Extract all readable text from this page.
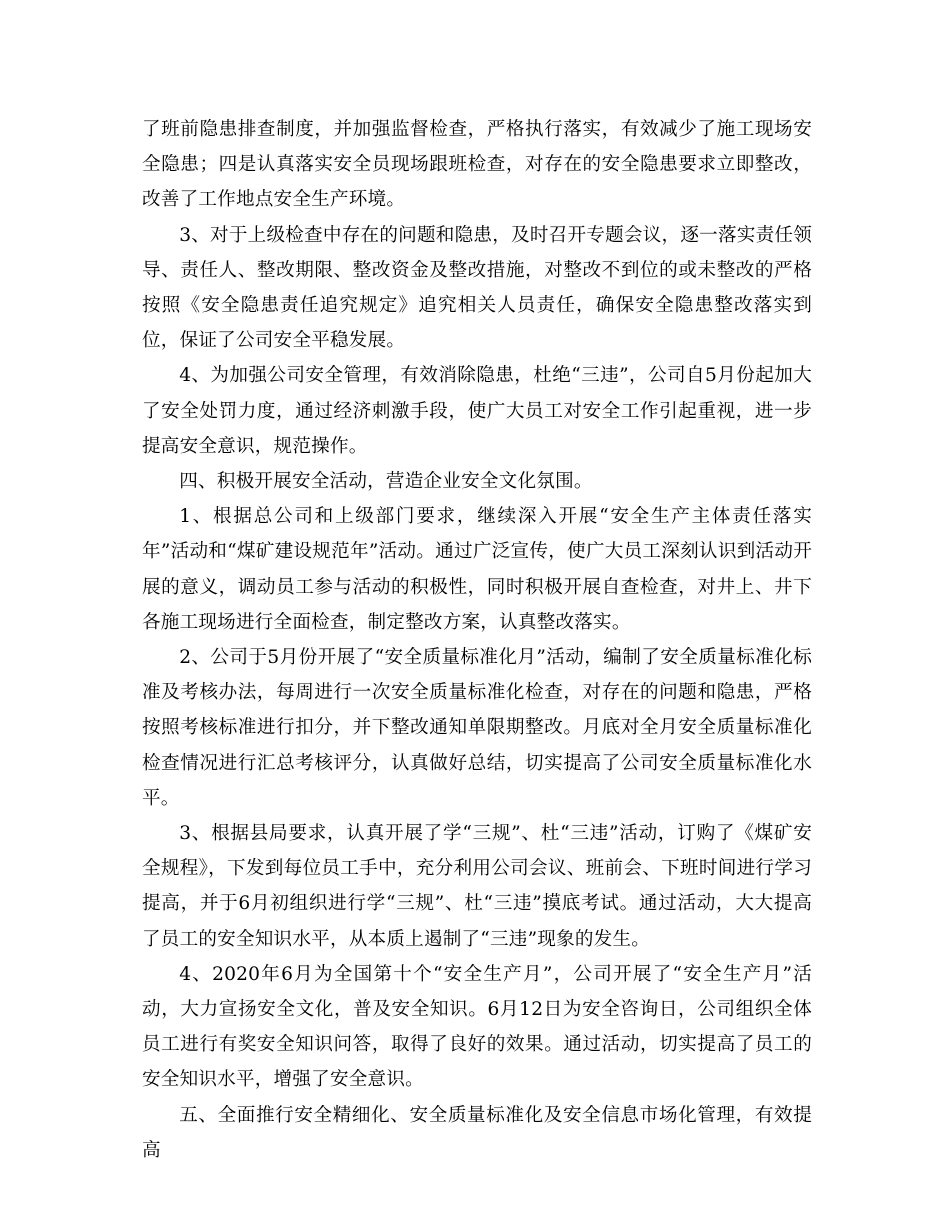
了班前隐患排查制度，并加强监督检查，严格执行落实，有效减少了施工现场安全隐患；四是认真落实安全员现场跟班检查，对存在的安全隐患要求立即整改，改善了工作地点安全生产环境。

3、对于上级检查中存在的问题和隐患，及时召开专题会议，逐一落实责任领导、责任人、整改期限、整改资金及整改措施，对整改不到位的或未整改的严格按照《安全隐患责任追究规定》追究相关人员责任，确保安全隐患整改落实到位，保证了公司安全平稳发展。

4、为加强公司安全管理，有效消除隐患，杜绝“三违”，公司自5月份起加大了安全处罚力度，通过经济刺激手段，使广大员工对安全工作引起重视，进一步提高安全意识，规范操作。

四、积极开展安全活动，营造企业安全文化氛围。

1、根据总公司和上级部门要求，继续深入开展“安全生产主体责任落实年”活动和“煤矿建设规范年”活动。通过广泛宣传，使广大员工深刻认识到活动开展的意义，调动员工参与活动的积极性，同时积极开展自查检查，对井上、井下各施工现场进行全面检查，制定整改方案，认真整改落实。

2、公司于5月份开展了“安全质量标准化月”活动，编制了安全质量标准化标准及考核办法，每周进行一次安全质量标准化检查，对存在的问题和隐患，严格按照考核标准进行扣分，并下整改通知单限期整改。月底对全月安全质量标准化检查情况进行汇总考核评分，认真做好总结，切实提高了公司安全质量标准化水平。

3、根据县局要求，认真开展了学“三规”、杜“三违”活动，订购了《煤矿安全规程》，下发到每位员工手中，充分利用公司会议、班前会、下班时间进行学习提高，并于6月初组织进行学“三规”、杜“三违”摸底考试。通过活动，大大提高了员工的安全知识水平，从本质上遏制了“三违”现象的发生。

4、2020年6月为全国第十个“安全生产月”，公司开展了“安全生产月”活动，大力宣扬安全文化，普及安全知识。6月12日为安全咨询日，公司组织全体员工进行有奖安全知识问答，取得了良好的效果。通过活动，切实提高了员工的安全知识水平，增强了安全意识。

五、全面推行安全精细化、安全质量标准化及安全信息市场化管理，有效提高
